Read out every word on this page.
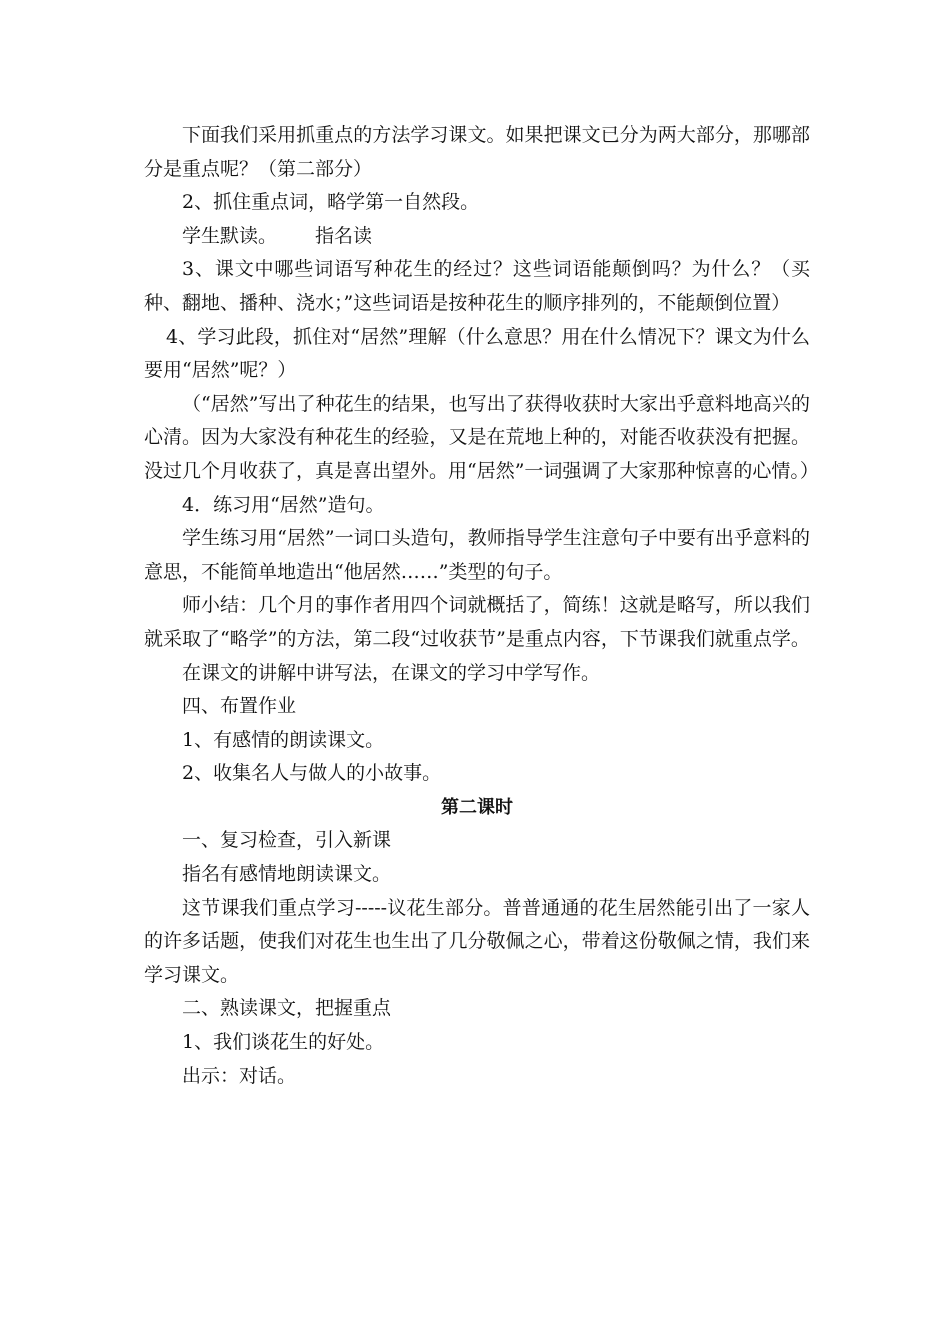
下面我们采用抓重点的方法学习课文。如果把课文已分为两大部分，那哪部分是重点呢？（第二部分）

2、抓住重点词，略学第一自然段。

学生默读。 指名读

3、课文中哪些词语写种花生的经过？这些词语能颠倒吗？为什么？（买种、翻地、播种、浇水；”这些词语是按种花生的顺序排列的，不能颠倒位置）

4、学习此段，抓住对“居然”理解（什么意思？用在什么情况下？课文为什么要用“居然”呢？）

（“居然”写出了种花生的结果，也写出了获得收获时大家出乎意料地高兴的心清。因为大家没有种花生的经验，又是在荒地上种的，对能否收获没有把握。没过几个月收获了，真是喜出望外。用“居然”一词强调了大家那种惊喜的心情。）

4．练习用“居然”造句。

学生练习用“居然”一词口头造句，教师指导学生注意句子中要有出乎意料的意思，不能简单地造出“他居然……”类型的句子。

师小结：几个月的事作者用四个词就概括了，简练！这就是略写，所以我们就采取了“略学”的方法，第二段“过收获节”是重点内容，下节课我们就重点学。

在课文的讲解中讲写法，在课文的学习中学写作。

四、布置作业

1、有感情的朗读课文。

2、收集名人与做人的小故事。

第二课时

一、复习检查，引入新课

指名有感情地朗读课文。

这节课我们重点学习-----议花生部分。普普通通的花生居然能引出了一家人的许多话题，使我们对花生也生出了几分敬佩之心，带着这份敬佩之情，我们来学习课文。

二、熟读课文，把握重点

1、我们谈花生的好处。

出示：对话。
